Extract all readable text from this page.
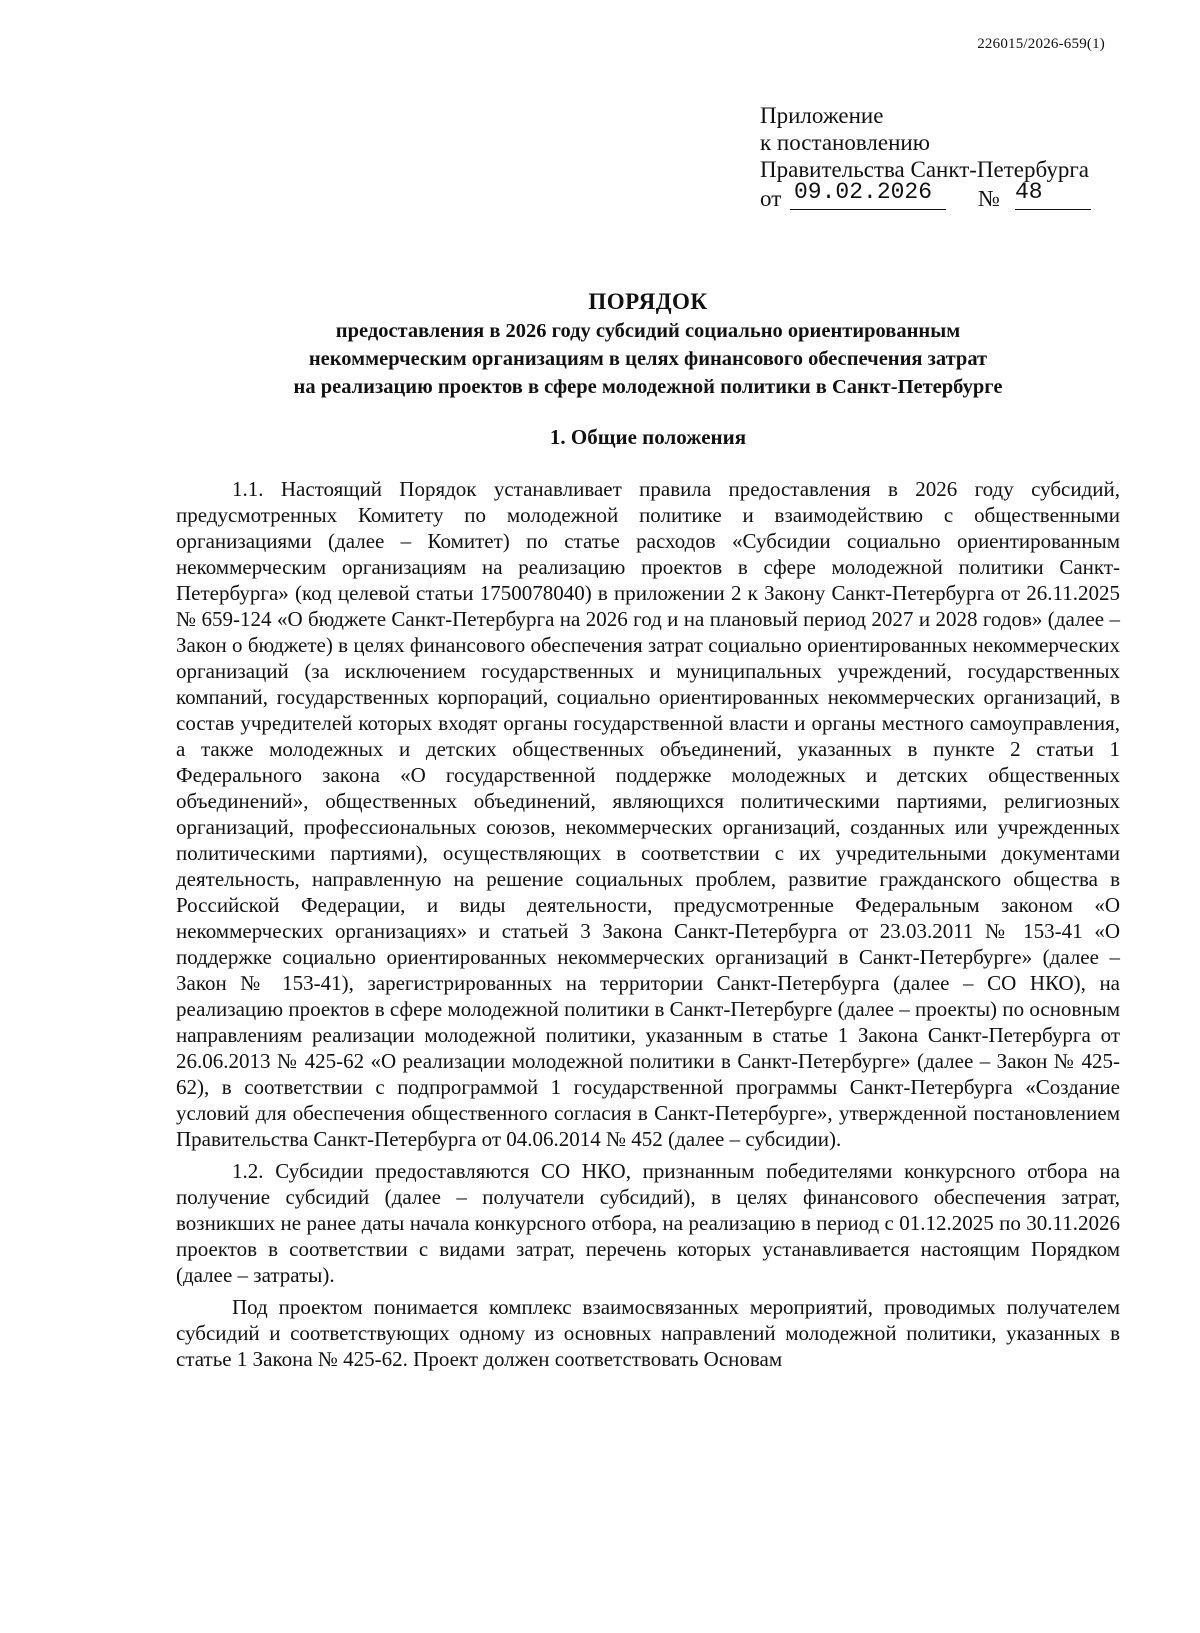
226015/2026-659(1)
Приложение
к постановлению
Правительства Санкт-Петербурга
от 09.02.2026	№ 48
ПОРЯДОК
предоставления в 2026 году субсидий социально ориентированным
некоммерческим организациям в целях финансового обеспечения затрат
на реализацию проектов в сфере молодежной политики в Санкт-Петербурге
1. Общие положения

1.1. Настоящий Порядок устанавливает правила предоставления в 2026 году субсидий, предусмотренных Комитету по молодежной политике и взаимодействию с общественными организациями (далее – Комитет) по статье расходов «Субсидии социально ориентированным некоммерческим организациям на реализацию проектов в сфере молодежной политики Санкт-Петербурга» (код целевой статьи 1750078040) в приложении 2 к Закону Санкт-Петербурга от 26.11.2025 № 659-124 «О бюджете Санкт-Петербурга на 2026 год и на плановый период 2027 и 2028 годов» (далее – Закон о бюджете) в целях финансового обеспечения затрат социально ориентированных некоммерческих организаций (за исключением государственных и муниципальных учреждений, государственных компаний, государственных корпораций, социально ориентированных некоммерческих организаций, в состав учредителей которых входят органы государственной власти и органы местного самоуправления, а также молодежных и детских общественных объединений, указанных в пункте 2 статьи 1 Федерального закона «О государственной поддержке молодежных и детских общественных объединений», общественных объединений, являющихся политическими партиями, религиозных организаций, профессиональных союзов, некоммерческих организаций, созданных или учрежденных политическими партиями), осуществляющих в соответствии с их учредительными документами деятельность, направленную на решение социальных проблем, развитие гражданского общества в Российской Федерации, и виды деятельности, предусмотренные Федеральным законом «О некоммерческих организациях» и статьей 3 Закона Санкт-Петербурга от 23.03.2011 № 153-41 «О поддержке социально ориентированных некоммерческих организаций в Санкт-Петербурге» (далее – Закон № 153-41), зарегистрированных на территории Санкт-Петербурга (далее – СО НКО), на реализацию проектов в сфере молодежной политики в Санкт-Петербурге (далее – проекты) по основным направлениям реализации молодежной политики, указанным в статье 1 Закона Санкт-Петербурга от 26.06.2013 № 425-62 «О реализации молодежной политики в Санкт-Петербурге» (далее – Закон № 425-62), в соответствии с подпрограммой 1 государственной программы Санкт-Петербурга «Создание условий для обеспечения общественного согласия в Санкт-Петербурге», утвержденной постановлением Правительства Санкт-Петербурга от 04.06.2014 № 452 (далее – субсидии).

1.2. Субсидии предоставляются СО НКО, признанным победителями конкурсного отбора на получение субсидий (далее – получатели субсидий), в целях финансового обеспечения затрат, возникших не ранее даты начала конкурсного отбора, на реализацию в период с 01.12.2025 по 30.11.2026 проектов в соответствии с видами затрат, перечень которых устанавливается настоящим Порядком (далее – затраты).

Под проектом понимается комплекс взаимосвязанных мероприятий, проводимых получателем субсидий и соответствующих одному из основных направлений молодежной политики, указанных в статье 1 Закона № 425-62. Проект должен соответствовать Основам
